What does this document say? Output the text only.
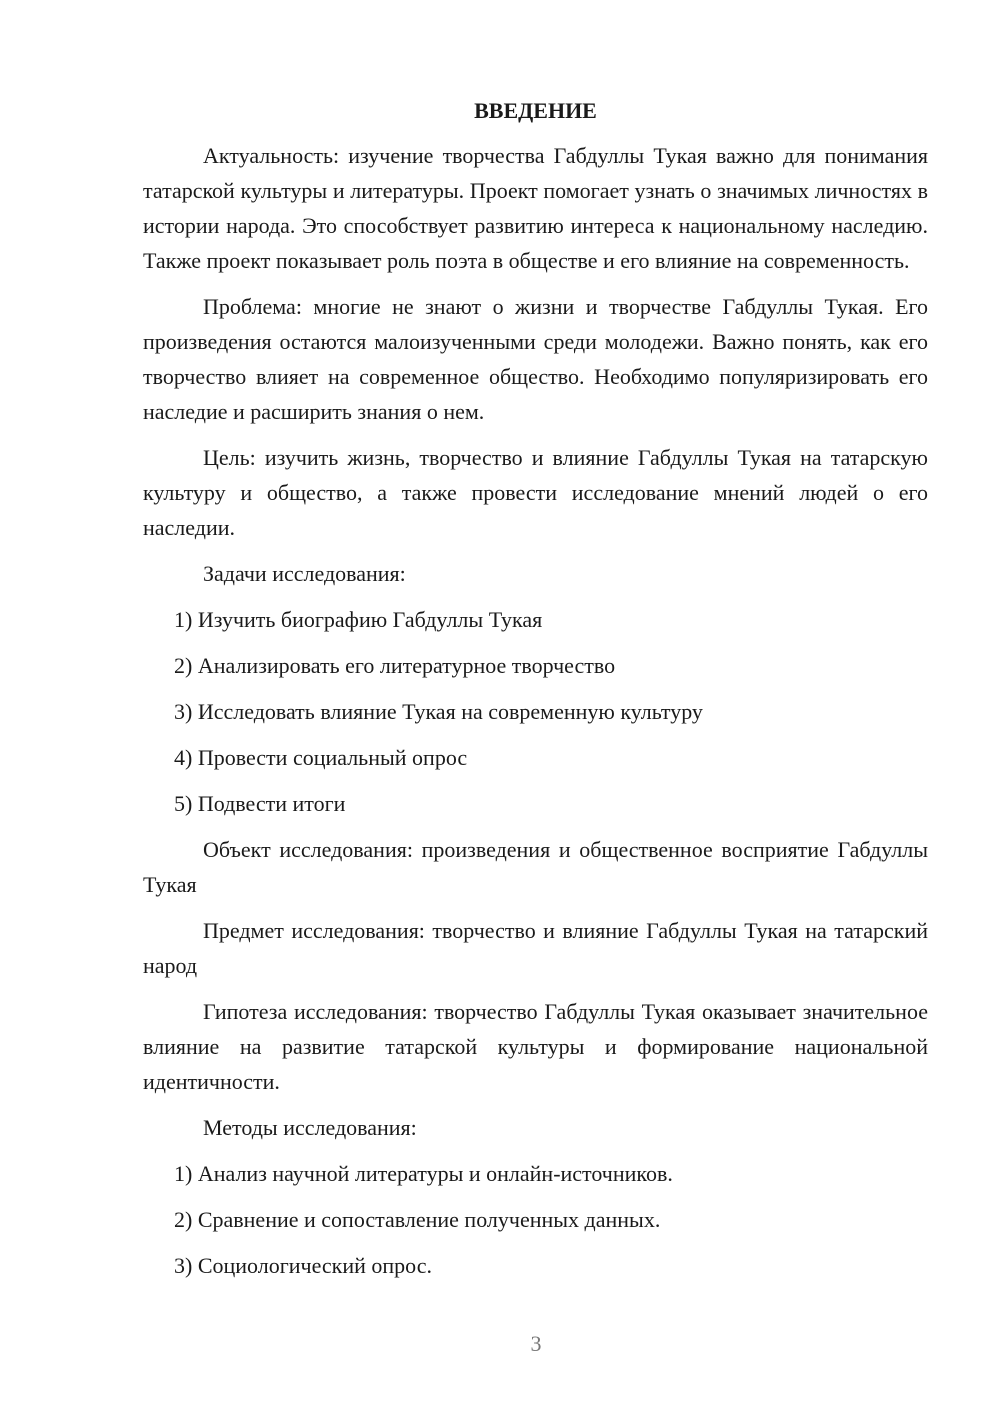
ВВЕДЕНИЕ

Актуальность: изучение творчества Габдуллы Тукая важно для понимания татарской культуры и литературы. Проект помогает узнать о значимых личностях в истории народа. Это способствует развитию интереса к национальному наследию. Также проект показывает роль поэта в обществе и его влияние на современность.

Проблема: многие не знают о жизни и творчестве Габдуллы Тукая. Его произведения остаются малоизученными среди молодежи. Важно понять, как его творчество влияет на современное общество. Необходимо популяризировать его наследие и расширить знания о нем.

Цель: изучить жизнь, творчество и влияние Габдуллы Тукая на татарскую культуру и общество, а также провести исследование мнений людей о его наследии.

Задачи исследования:

1) Изучить биографию Габдуллы Тукая

2) Анализировать его литературное творчество

3) Исследовать влияние Тукая на современную культуру

4) Провести социальный опрос

5) Подвести итоги

Объект исследования: произведения и общественное восприятие Габдуллы Тукая

Предмет исследования: творчество и влияние Габдуллы Тукая на татарский народ

Гипотеза исследования: творчество Габдуллы Тукая оказывает значительное влияние на развитие татарской культуры и формирование национальной идентичности.

Методы исследования:

1) Анализ научной литературы и онлайн-источников.

2) Сравнение и сопоставление полученных данных.

3) Социологический опрос.

3
